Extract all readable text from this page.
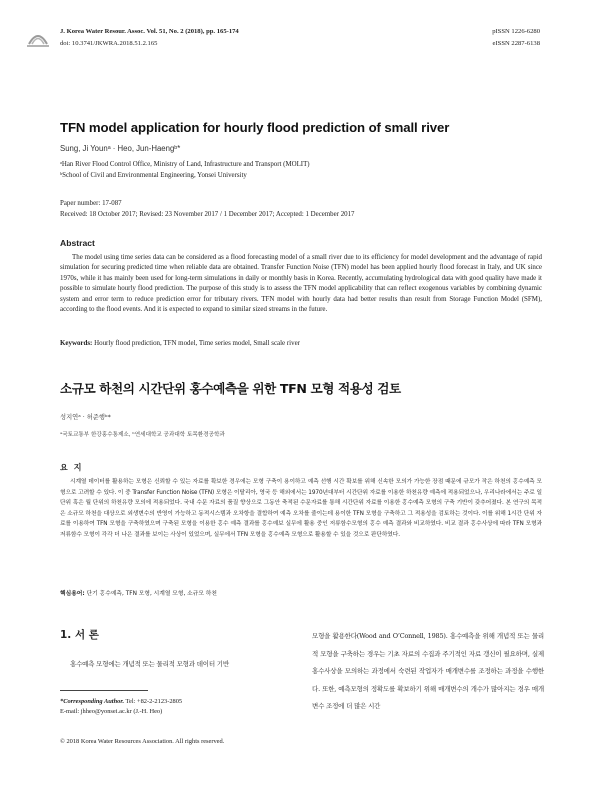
J. Korea Water Resour. Assoc. Vol. 51, No. 2 (2018), pp. 165-174
doi: 10.3741/JKWRA.2018.51.2.165
pISSN 1226-6280
eISSN 2287-6138
TFN model application for hourly flood prediction of small river
Sung, Ji Younᵃ · Heo, Jun-Haengᵇ*
ᵃHan River Flood Control Office, Ministry of Land, Infrastructure and Transport (MOLIT)
ᵇSchool of Civil and Environmental Engineering, Yonsei University
Paper number: 17-087
Received: 18 October 2017; Revised: 23 November 2017 / 1 December 2017; Accepted: 1 December 2017
Abstract
The model using time series data can be considered as a flood forecasting model of a small river due to its efficiency for model development and the advantage of rapid simulation for securing predicted time when reliable data are obtained. Transfer Function Noise (TFN) model has been applied hourly flood forecast in Italy, and UK since 1970s, while it has mainly been used for long-term simulations in daily or monthly basis in Korea. Recently, accumulating hydrological data with good quality have made it possible to simulate hourly flood prediction. The purpose of this study is to assess the TFN model applicability that can reflect exogenous variables by combining dynamic system and error term to reduce prediction error for tributary rivers. TFN model with hourly data had better results than result from Storage Function Model (SFM), according to the flood events. And it is expected to expand to similar sized streams in the future.
Keywords: Hourly flood prediction, TFN model, Time series model, Small scale river
소규모 하천의 시간단위 홍수예측을 위한 TFN 모형 적용성 검토
성지연ᵃ · 허준행ᵇ*
ᵃ국토교통부 한강홍수통제소, ᵇ연세대학교 공과대학 토목환경공학과
요지
시계열 데이터를 활용하는 모형은 신뢰할 수 있는 자료를 확보한 경우에는 모형 구축이 용이하고 예측 선행 시간 확보를 위해 신속한 모의가 가능한 장점 때문에 규모가 작은 하천의 홍수예측 모형으로 고려할 수 있다. 이 중 Transfer Function Noise (TFN) 모형은 이탈리아, 영국 등 해외에서는 1970년대부터 시간단위 자료를 이용한 하천유량 예측에 적용되었으나, 우리나라에서는 주로 일 단위 혹은 월 단위의 하천유량 모의에 적용되었다. 국내 수문 자료의 품질 향상으로 그동안 축적된 수문자료를 통해 시간단위 자료를 이용한 홍수예측 모형의 구축 기반이 갖추어졌다. 본 연구의 목적은 소규모 하천을 대상으로 외생변수의 반영이 가능하고 동적시스템과 오차항을 결합하여 예측 오차를 줄이는데 용이한 TFN 모형을 구축하고 그 적용성을 검토하는 것이다. 이를 위해 1시간 단위 자료를 이용하여 TFN 모형을 구축하였으며 구축된 모형을 이용한 홍수 예측 결과를 홍수예보 실무에 활용 중인 저류함수모형의 홍수 예측 결과와 비교하였다. 비교 결과 홍수사상에 따라 TFN 모형과 저류함수 모형이 각각 더 나은 결과를 보이는 사상이 있었으며, 실무에서 TFN 모형을 홍수예측 모형으로 활용할 수 있을 것으로 판단하였다.
핵심용어: 단기 홍수예측, TFN 모형, 시계열 모형, 소규모 하천
1. 서 론
홍수예측 모형에는 개념적 또는 물리적 모형과 데이터 기반
모형을 활용한다(Wood and O’Connell, 1985). 홍수예측을 위해 개념적 또는 물리적 모형을 구축하는 경우는 기초 자료의 수집과 주기적인 자료 갱신이 필요하며, 실제 홍수사상을 모의하는 과정에서 숙련된 작업자가 매개변수를 조정하는 과정을 수행한다. 또한, 예측모형의 정확도를 확보하기 위해 매개변수의 개수가 많아지는 경우 매개변수 조정에 더 많은 시간
*Corresponding Author. Tel: +82-2-2123-2805
E-mail: jhheo@yonsei.ac.kr (J.-H. Heo)
© 2018 Korea Water Resources Association. All rights reserved.
